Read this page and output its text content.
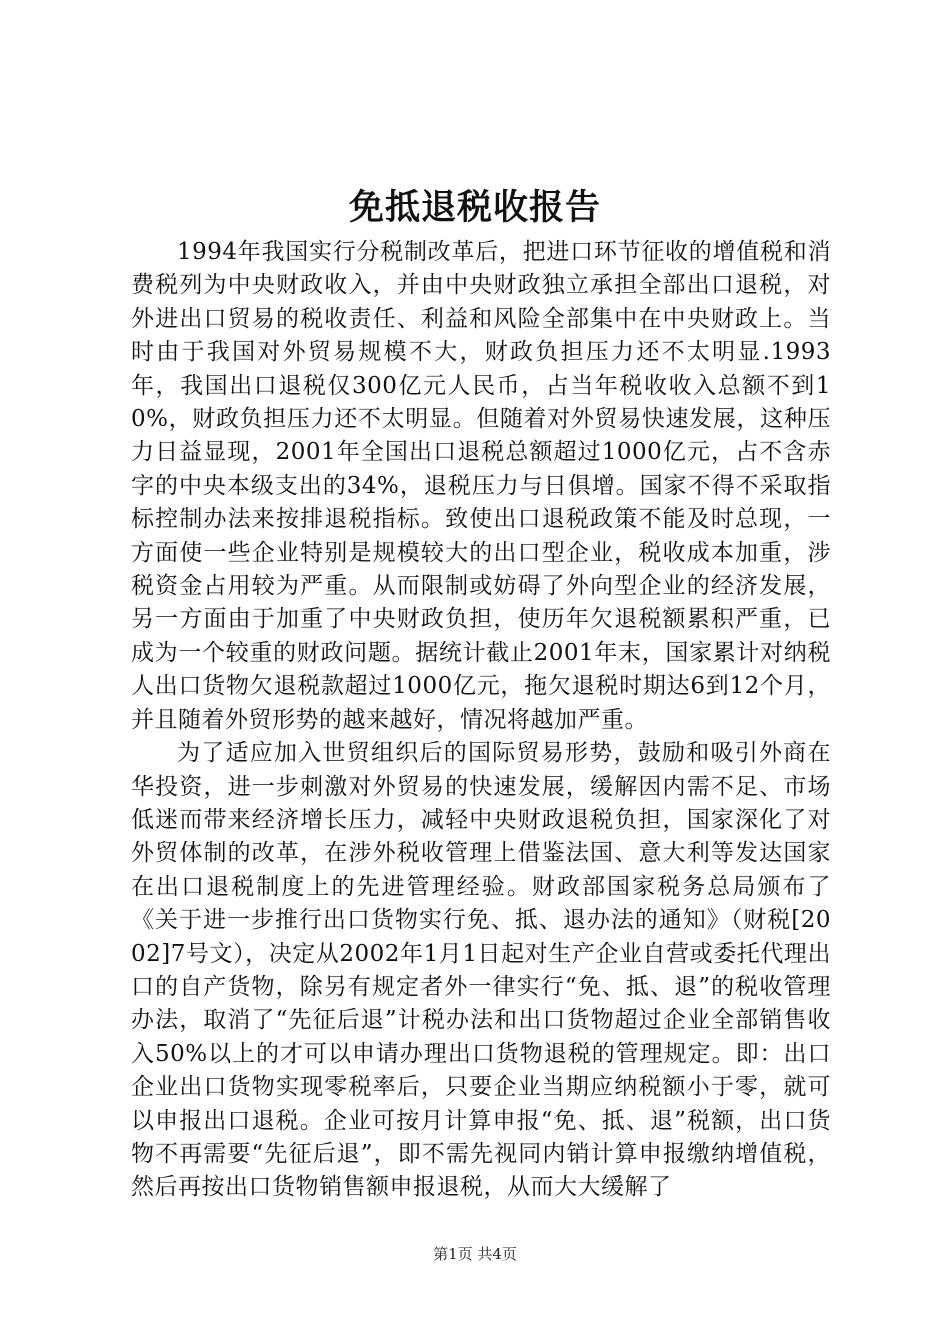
免抵退税收报告

1994年我国实行分税制改革后，把进口环节征收的增值税和消费税列为中央财政收入，并由中央财政独立承担全部出口退税，对外进出口贸易的税收责任、利益和风险全部集中在中央财政上。当时由于我国对外贸易规模不大，财政负担压力还不太明显.1993年，我国出口退税仅300亿元人民币，占当年税收收入总额不到10%，财政负担压力还不太明显。但随着对外贸易快速发展，这种压力日益显现，2001年全国出口退税总额超过1000亿元，占不含赤字的中央本级支出的34%，退税压力与日俱增。国家不得不采取指标控制办法来按排退税指标。致使出口退税政策不能及时总现，一方面使一些企业特别是规模较大的出口型企业，税收成本加重，涉税资金占用较为严重。从而限制或妨碍了外向型企业的经济发展，另一方面由于加重了中央财政负担，使历年欠退税额累积严重，已成为一个较重的财政问题。据统计截止2001年末，国家累计对纳税人出口货物欠退税款超过1000亿元，拖欠退税时期达6到12个月，并且随着外贸形势的越来越好，情况将越加严重。

为了适应加入世贸组织后的国际贸易形势，鼓励和吸引外商在华投资，进一步刺激对外贸易的快速发展，缓解因内需不足、市场低迷而带来经济增长压力，减轻中央财政退税负担，国家深化了对外贸体制的改革，在涉外税收管理上借鉴法国、意大利等发达国家在出口退税制度上的先进管理经验。财政部国家税务总局颁布了《关于进一步推行出口货物实行免、抵、退办法的通知》（财税[2002]7号文），决定从2002年1月1日起对生产企业自营或委托代理出口的自产货物，除另有规定者外一律实行“免、抵、退”的税收管理办法，取消了“先征后退”计税办法和出口货物超过企业全部销售收入50%以上的才可以申请办理出口货物退税的管理规定。即：出口企业出口货物实现零税率后，只要企业当期应纳税额小于零，就可以申报出口退税。企业可按月计算申报“免、抵、退”税额，出口货物不再需要“先征后退”，即不需先视同内销计算申报缴纳增值税，然后再按出口货物销售额申报退税，从而大大缓解了

第1页 共4页
